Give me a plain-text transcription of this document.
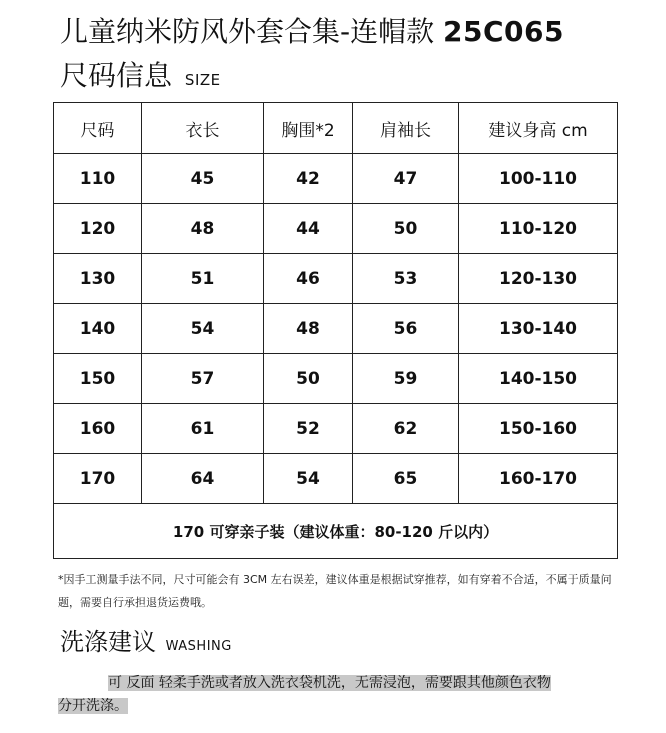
儿童纳米防风外套合集-连帽款 25C065
尺码信息 SIZE
尺码	衣长	胸围*2	肩袖长	建议身高 cm
110	45	42	47	100-110
120	48	44	50	110-120
130	51	46	53	120-130
140	54	48	56	130-140
150	57	50	59	140-150
160	61	52	62	150-160
170	64	54	65	160-170
170 可穿亲子装（建议体重：80-120 斤以内）				
*因手工测量手法不同，尺寸可能会有 3CM 左右误差，建议体重是根据试穿推荐，如有穿着不合适，不属于质量问题，需要自行承担退货运费哦。
洗涤建议 WASHING
可 反面 轻柔手洗或者放入洗衣袋机洗，无需浸泡，需要跟其他颜色衣物
分开洗涤。
